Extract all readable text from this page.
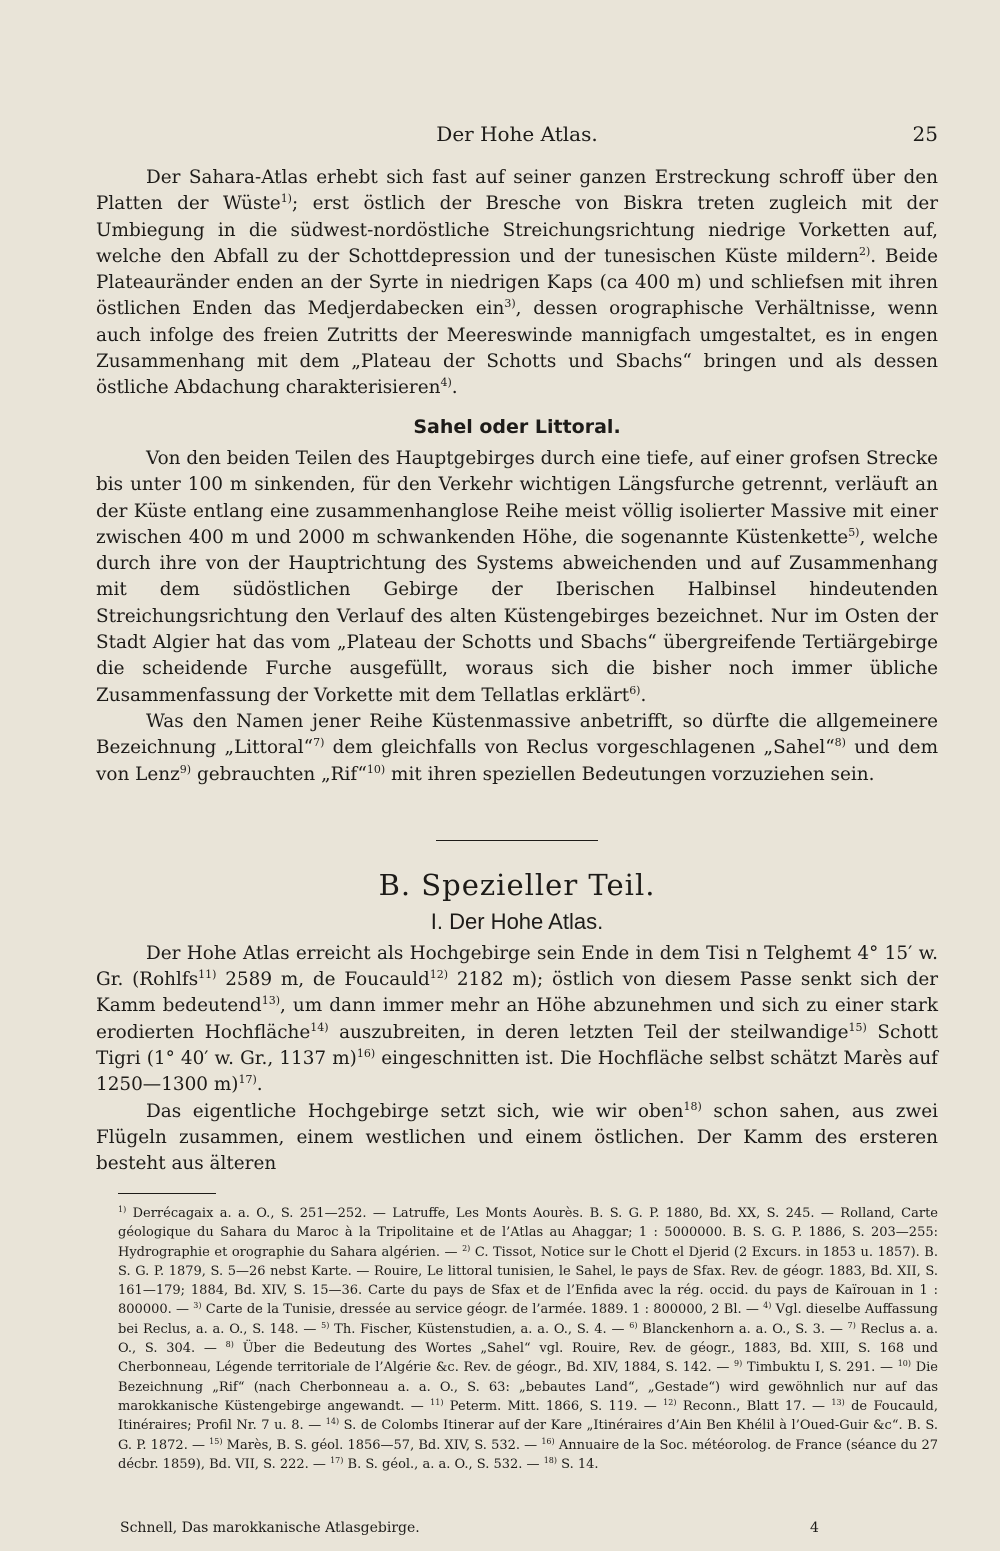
Der Hohe Atlas.	25

Der Sahara-Atlas erhebt sich fast auf seiner ganzen Erstreckung schroff über den Platten der Wüste$^{1)}$; erst östlich der Bresche von Biskra treten zugleich mit der Umbiegung in die südwest-nordöstliche Streichungsrichtung niedrige Vorketten auf, welche den Abfall zu der Schottdepression und der tunesischen Küste mildern$^{2)}$. Beide Plateauränder enden an der Syrte in niedrigen Kaps (ca 400 m) und schliefsen mit ihren östlichen Enden das Medjerdabecken ein$^{3)}$, dessen orographische Verhältnisse, wenn auch infolge des freien Zutritts der Meereswinde mannigfach umgestaltet, es in engen Zusammenhang mit dem „Plateau der Schotts und Sbachs“ bringen und als dessen östliche Abdachung charakterisieren$^{4)}$.

Sahel oder Littoral.

Von den beiden Teilen des Hauptgebirges durch eine tiefe, auf einer grofsen Strecke bis unter 100 m sinkenden, für den Verkehr wichtigen Längsfurche getrennt, verläuft an der Küste entlang eine zusammenhanglose Reihe meist völlig isolierter Massive mit einer zwischen 400 m und 2000 m schwankenden Höhe, die sogenannte Küstenkette$^{5)}$, welche durch ihre von der Hauptrichtung des Systems abweichenden und auf Zusammenhang mit dem südöstlichen Gebirge der Iberischen Halbinsel hindeutenden Streichungsrichtung den Verlauf des alten Küstengebirges bezeichnet. Nur im Osten der Stadt Algier hat das vom „Plateau der Schotts und Sbachs“ übergreifende Tertiärgebirge die scheidende Furche ausgefüllt, woraus sich die bisher noch immer übliche Zusammenfassung der Vorkette mit dem Tellatlas erklärt$^{6)}$.

Was den Namen jener Reihe Küstenmassive anbetrifft, so dürfte die allgemeinere Bezeichnung „Littoral“$^{7)}$ dem gleichfalls von Reclus vorgeschlagenen „Sahel“$^{8)}$ und dem von Lenz$^{9)}$ gebrauchten „Rif“$^{10)}$ mit ihren speziellen Bedeutungen vorzuziehen sein.

B. Spezieller Teil.
I. Der Hohe Atlas.

Der Hohe Atlas erreicht als Hochgebirge sein Ende in dem Tisi n Telghemt 4° 15′ w. Gr. (Rohlfs$^{11)}$ 2589 m, de Foucauld$^{12)}$ 2182 m); östlich von diesem Passe senkt sich der Kamm bedeutend$^{13)}$, um dann immer mehr an Höhe abzunehmen und sich zu einer stark erodierten Hochfläche$^{14)}$ auszubreiten, in deren letzten Teil der steilwandige$^{15)}$ Schott Tigri (1° 40′ w. Gr., 1137 m)$^{16)}$ eingeschnitten ist. Die Hochfläche selbst schätzt Marès auf 1250—1300 m)$^{17)}$.

Das eigentliche Hochgebirge setzt sich, wie wir oben$^{18)}$ schon sahen, aus zwei Flügeln zusammen, einem westlichen und einem östlichen. Der Kamm des ersteren besteht aus älteren

$^{1)}$ Derrécagaix a. a. O., S. 251—252. — Latruffe, Les Monts Aourès. B. S. G. P. 1880, Bd. XX, S. 245. — Rolland, Carte géologique du Sahara du Maroc à la Tripolitaine et de l’Atlas au Ahaggar; 1 : 5000000. B. S. G. P. 1886, S. 203—255: Hydrographie et orographie du Sahara algérien. — $^{2)}$ C. Tissot, Notice sur le Chott el Djerid (2 Excurs. in 1853 u. 1857). B. S. G. P. 1879, S. 5—26 nebst Karte. — Rouire, Le littoral tunisien, le Sahel, le pays de Sfax. Rev. de géogr. 1883, Bd. XII, S. 161—179; 1884, Bd. XIV, S. 15—36. Carte du pays de Sfax et de l’Enfida avec la rég. occid. du pays de Kaïrouan in 1 : 800000. — $^{3)}$ Carte de la Tunisie, dressée au service géogr. de l’armée. 1889. 1 : 800000, 2 Bl. — $^{4)}$ Vgl. dieselbe Auffassung bei Reclus, a. a. O., S. 148. — $^{5)}$ Th. Fischer, Küstenstudien, a. a. O., S. 4. — $^{6)}$ Blanckenhorn a. a. O., S. 3. — $^{7)}$ Reclus a. a. O., S. 304. — $^{8)}$ Über die Bedeutung des Wortes „Sahel“ vgl. Rouire, Rev. de géogr., 1883, Bd. XIII, S. 168 und Cherbonneau, Légende territoriale de l’Algérie &c. Rev. de géogr., Bd. XIV, 1884, S. 142. — $^{9)}$ Timbuktu I, S. 291. — $^{10)}$ Die Bezeichnung „Rif“ (nach Cherbonneau a. a. O., S. 63: „bebautes Land“, „Gestade“) wird gewöhnlich nur auf das marokkanische Küstengebirge angewandt. — $^{11)}$ Peterm. Mitt. 1866, S. 119. — $^{12)}$ Reconn., Blatt 17. — $^{13)}$ de Foucauld, Itinéraires; Profil Nr. 7 u. 8. — $^{14)}$ S. de Colombs Itinerar auf der Kare „Itinéraires d’Ain Ben Khélil à l’Oued-Guir &c“. B. S. G. P. 1872. — $^{15)}$ Marès, B. S. géol. 1856—57, Bd. XIV, S. 532. — $^{16)}$ Annuaire de la Soc. météorolog. de France (séance du 27 décbr. 1859), Bd. VII, S. 222. — $^{17)}$ B. S. géol., a. a. O., S. 532. — $^{18)}$ S. 14.

Schnell, Das marokkanische Atlasgebirge.	4
